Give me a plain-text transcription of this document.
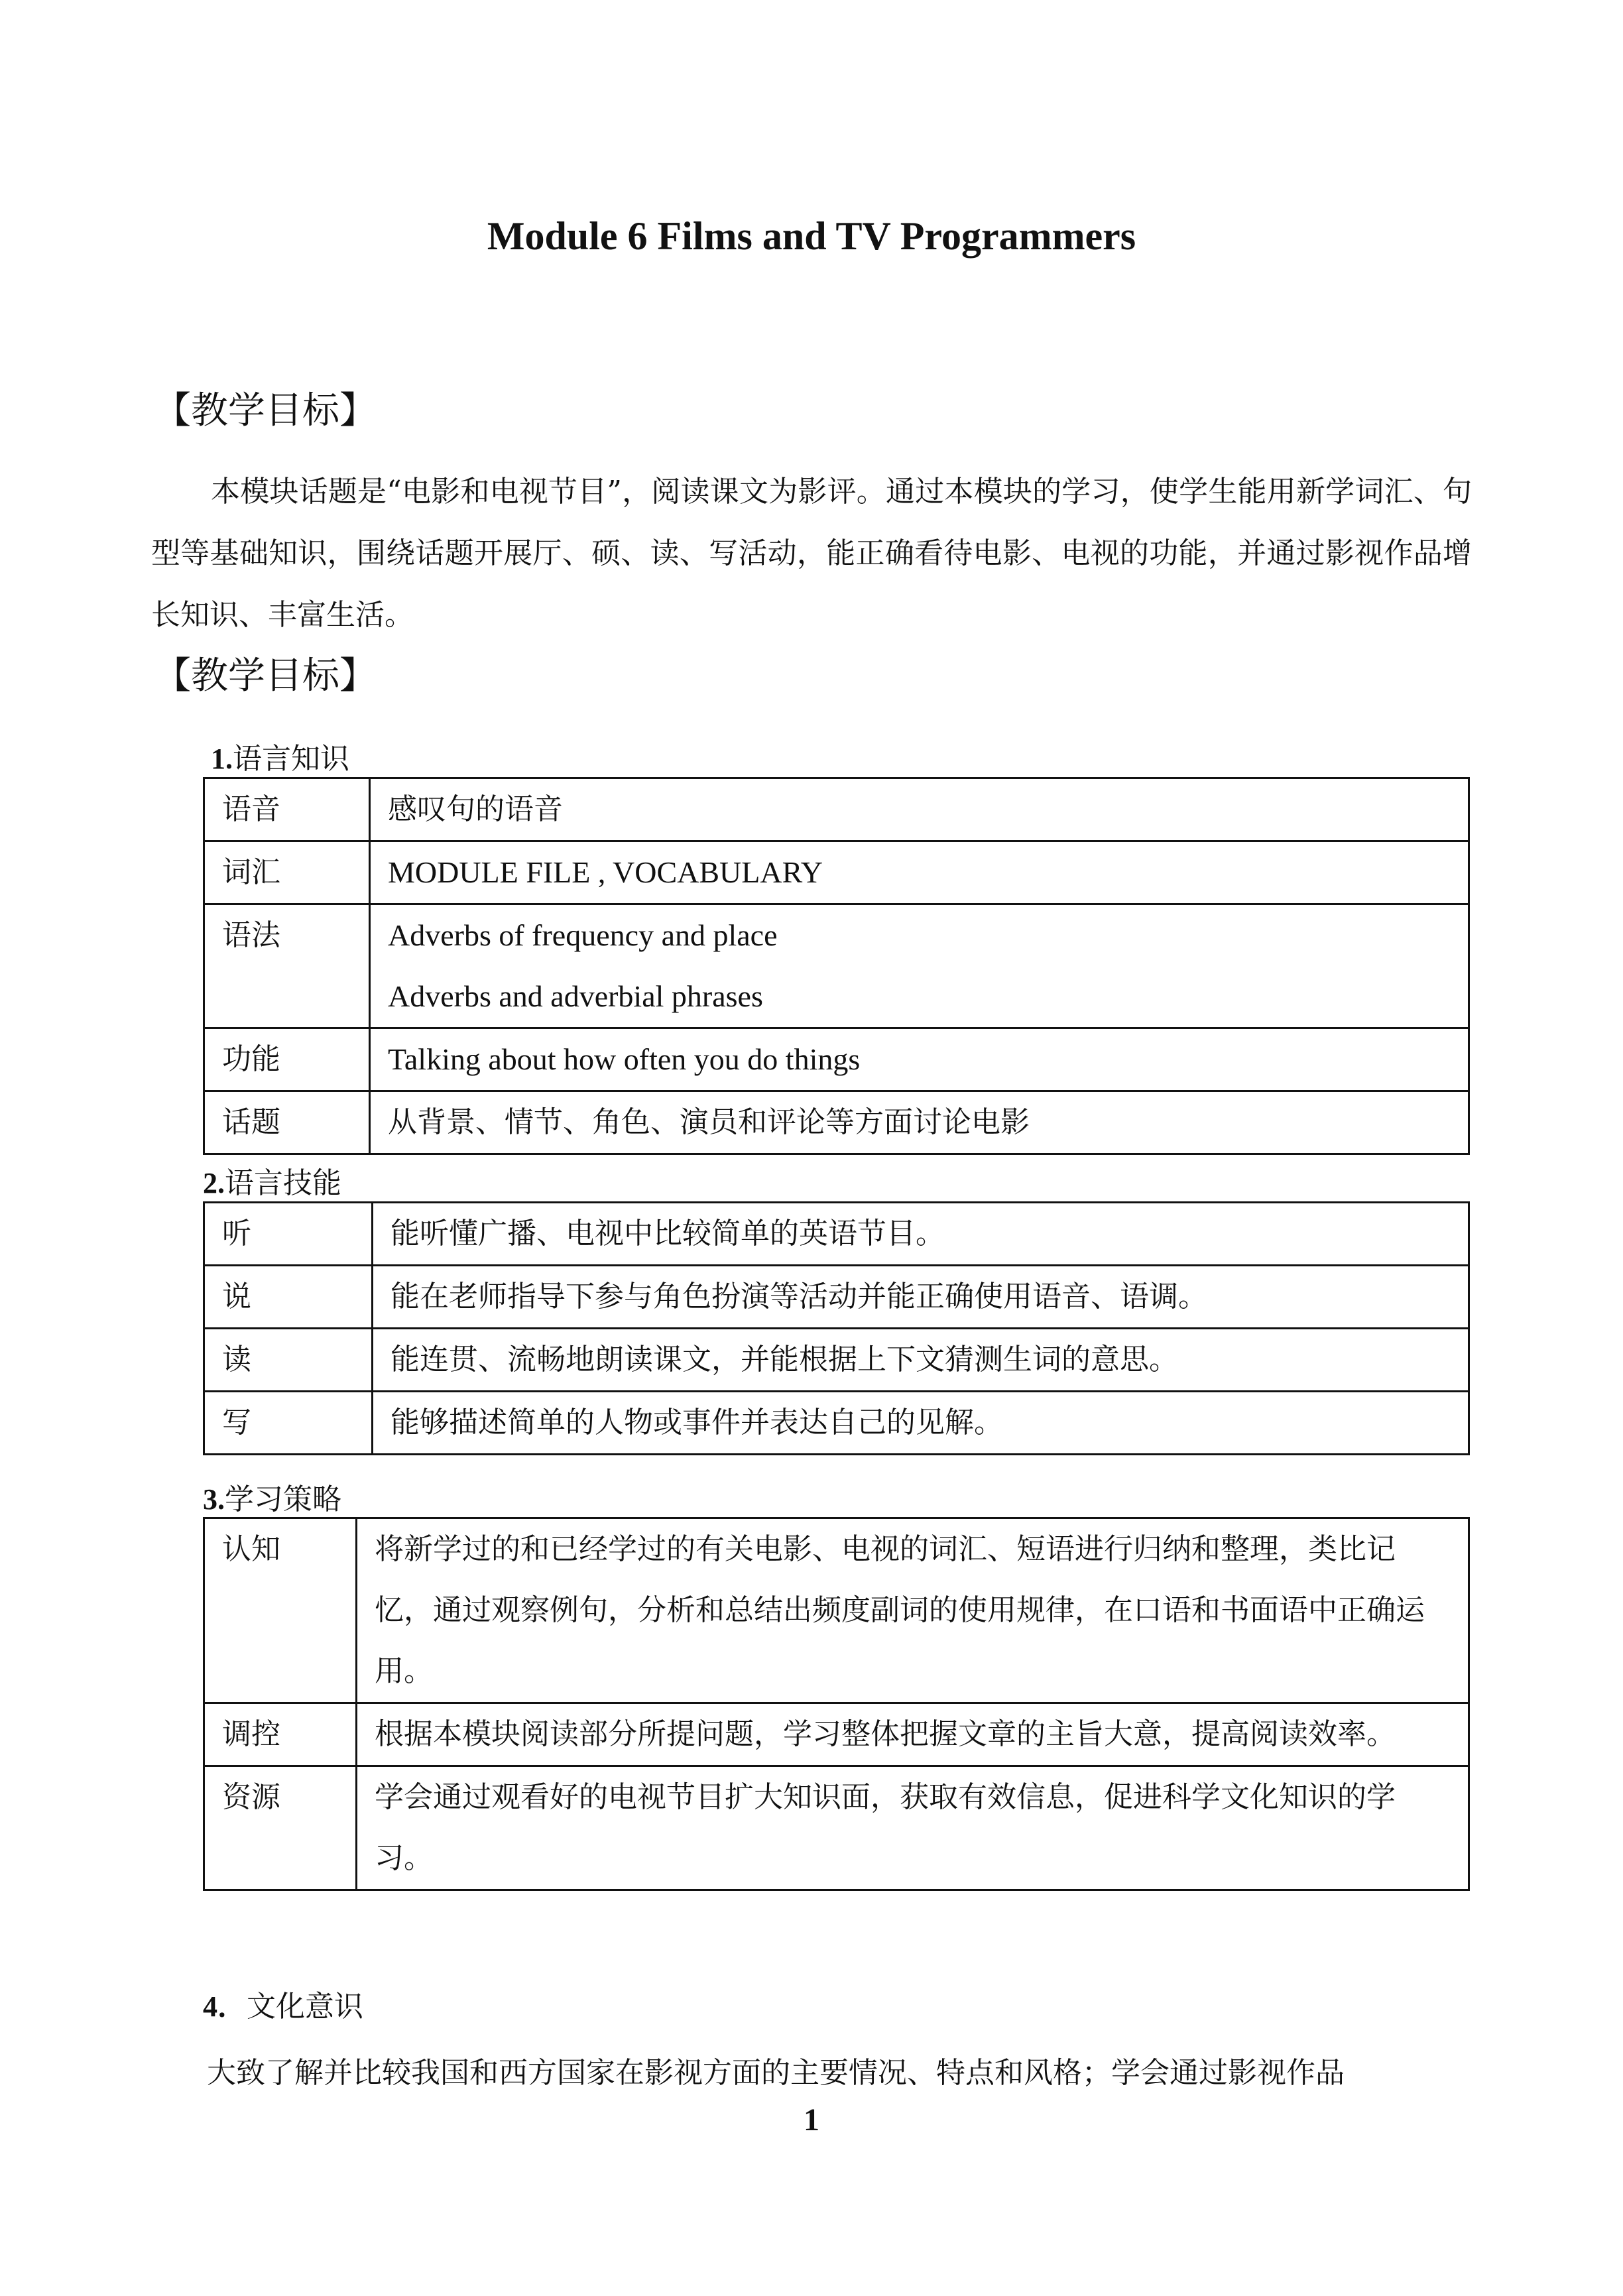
Module 6 Films and TV Programmers
【教学目标】
本模块话题是“电影和电视节目”，阅读课文为影评。通过本模块的学习，使学生能用新学词汇、句型等基础知识，围绕话题开展厅、硕、读、写活动，能正确看待电影、电视的功能，并通过影视作品增长知识、丰富生活。
【教学目标】
1.语言知识
语音	感叹句的语音
词汇	MODULE FILE , VOCABULARY
语法	Adverbs of frequency and place
Adverbs and adverbial phrases

功能	Talking about how often you do things
话题	从背景、情节、角色、演员和评论等方面讨论电影
2.语言技能
听	能听懂广播、电视中比较简单的英语节目。
说	能在老师指导下参与角色扮演等活动并能正确使用语音、语调。
读	能连贯、流畅地朗读课文，并能根据上下文猜测生词的意思。
写	能够描述简单的人物或事件并表达自己的见解。
3.学习策略
认知	将新学过的和已经学过的有关电影、电视的词汇、短语进行归纳和整理，类比记忆，通过观察例句，分析和总结出频度副词的使用规律，在口语和书面语中正确运用。
调控	根据本模块阅读部分所提问题，学习整体把握文章的主旨大意，提高阅读效率。
资源	学会通过观看好的电视节目扩大知识面，获取有效信息，促进科学文化知识的学习。
4．文化意识
大致了解并比较我国和西方国家在影视方面的主要情况、特点和风格；学会通过影视作品
1
